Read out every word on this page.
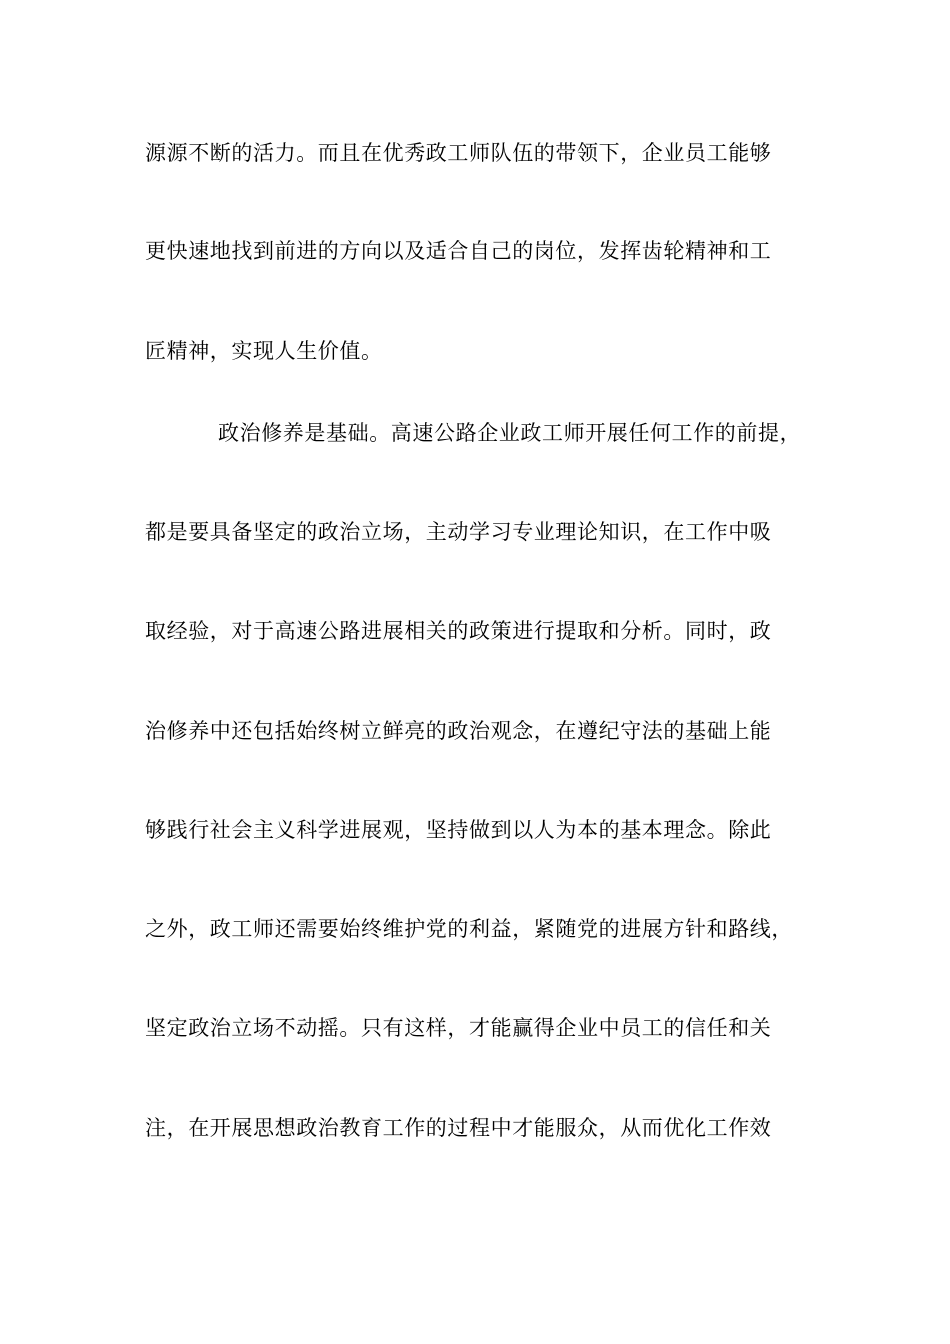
源源不断的活力。而且在优秀政工师队伍的带领下，企业员工能够
更快速地找到前进的方向以及适合自己的岗位，发挥齿轮精神和工
匠精神，实现人生价值。
政治修养是基础。高速公路企业政工师开展任何工作的前提，
都是要具备坚定的政治立场，主动学习专业理论知识，在工作中吸
取经验，对于高速公路进展相关的政策进行提取和分析。同时，政
治修养中还包括始终树立鲜亮的政治观念，在遵纪守法的基础上能
够践行社会主义科学进展观，坚持做到以人为本的基本理念。除此
之外，政工师还需要始终维护党的利益，紧随党的进展方针和路线，
坚定政治立场不动摇。只有这样，才能赢得企业中员工的信任和关
注，在开展思想政治教育工作的过程中才能服众，从而优化工作效
